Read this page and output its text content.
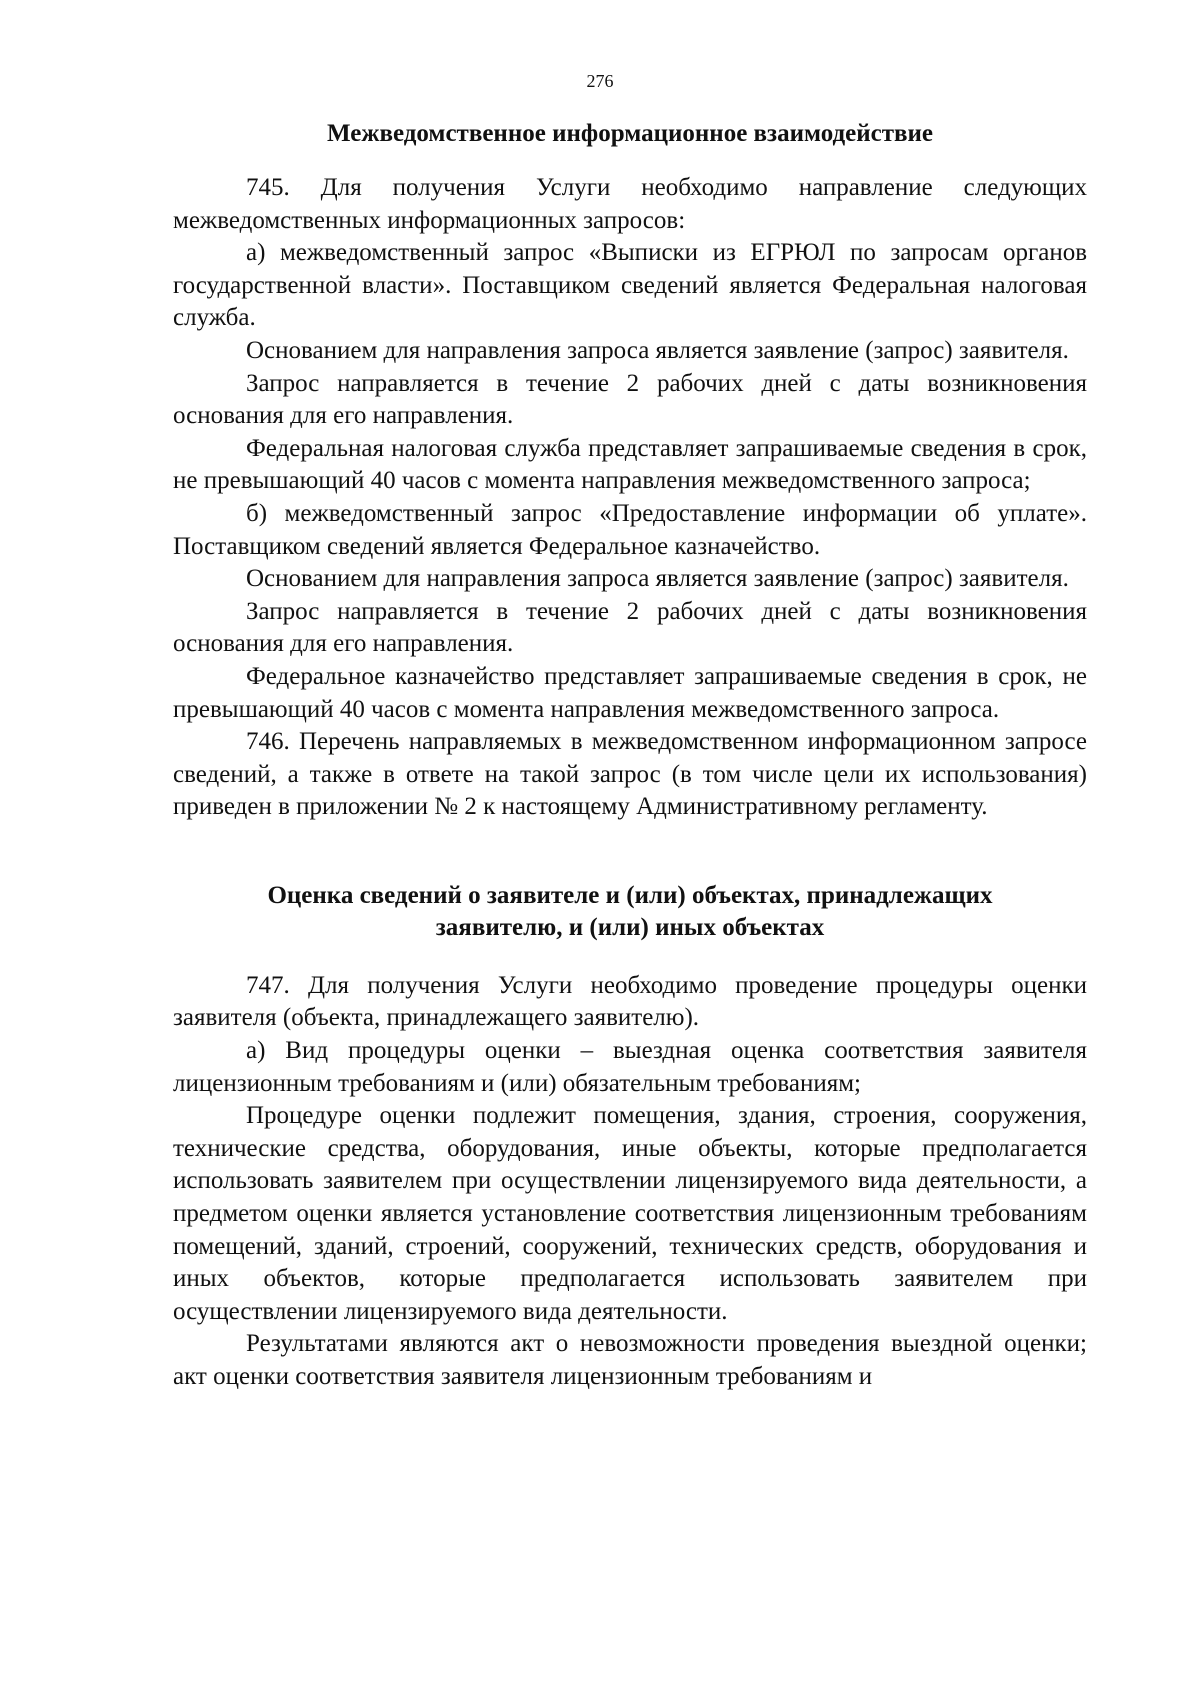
276
Межведомственное информационное взаимодействие

745. Для получения Услуги необходимо направление следующих межведомственных информационных запросов:

а) межведомственный запрос «Выписки из ЕГРЮЛ по запросам органов государственной власти». Поставщиком сведений является Федеральная налоговая служба.

Основанием для направления запроса является заявление (запрос) заявителя.

Запрос направляется в течение 2 рабочих дней с даты возникновения основания для его направления.

Федеральная налоговая служба представляет запрашиваемые сведения в срок, не превышающий 40 часов с момента направления межведомственного запроса;

б) межведомственный запрос «Предоставление информации об уплате». Поставщиком сведений является Федеральное казначейство.

Основанием для направления запроса является заявление (запрос) заявителя.

Запрос направляется в течение 2 рабочих дней с даты возникновения основания для его направления.

Федеральное казначейство представляет запрашиваемые сведения в срок, не превышающий 40 часов с момента направления межведомственного запроса.

746. Перечень направляемых в межведомственном информационном запросе сведений, а также в ответе на такой запрос (в том числе цели их использования) приведен в приложении № 2 к настоящему Административному регламенту.

Оценка сведений о заявителе и (или) объектах, принадлежащих
заявителю, и (или) иных объектах

747. Для получения Услуги необходимо проведение процедуры оценки заявителя (объекта, принадлежащего заявителю).

а) Вид процедуры оценки – выездная оценка соответствия заявителя лицензионным требованиям и (или) обязательным требованиям;

Процедуре оценки подлежит помещения, здания, строения, сооружения, технические средства, оборудования, иные объекты, которые предполагается использовать заявителем при осуществлении лицензируемого вида деятельности, а предметом оценки является установление соответствия лицензионным требованиям помещений, зданий, строений, сооружений, технических средств, оборудования и иных объектов, которые предполагается использовать заявителем при осуществлении лицензируемого вида деятельности.

Результатами являются акт о невозможности проведения выездной оценки; акт оценки соответствия заявителя лицензионным требованиям и
